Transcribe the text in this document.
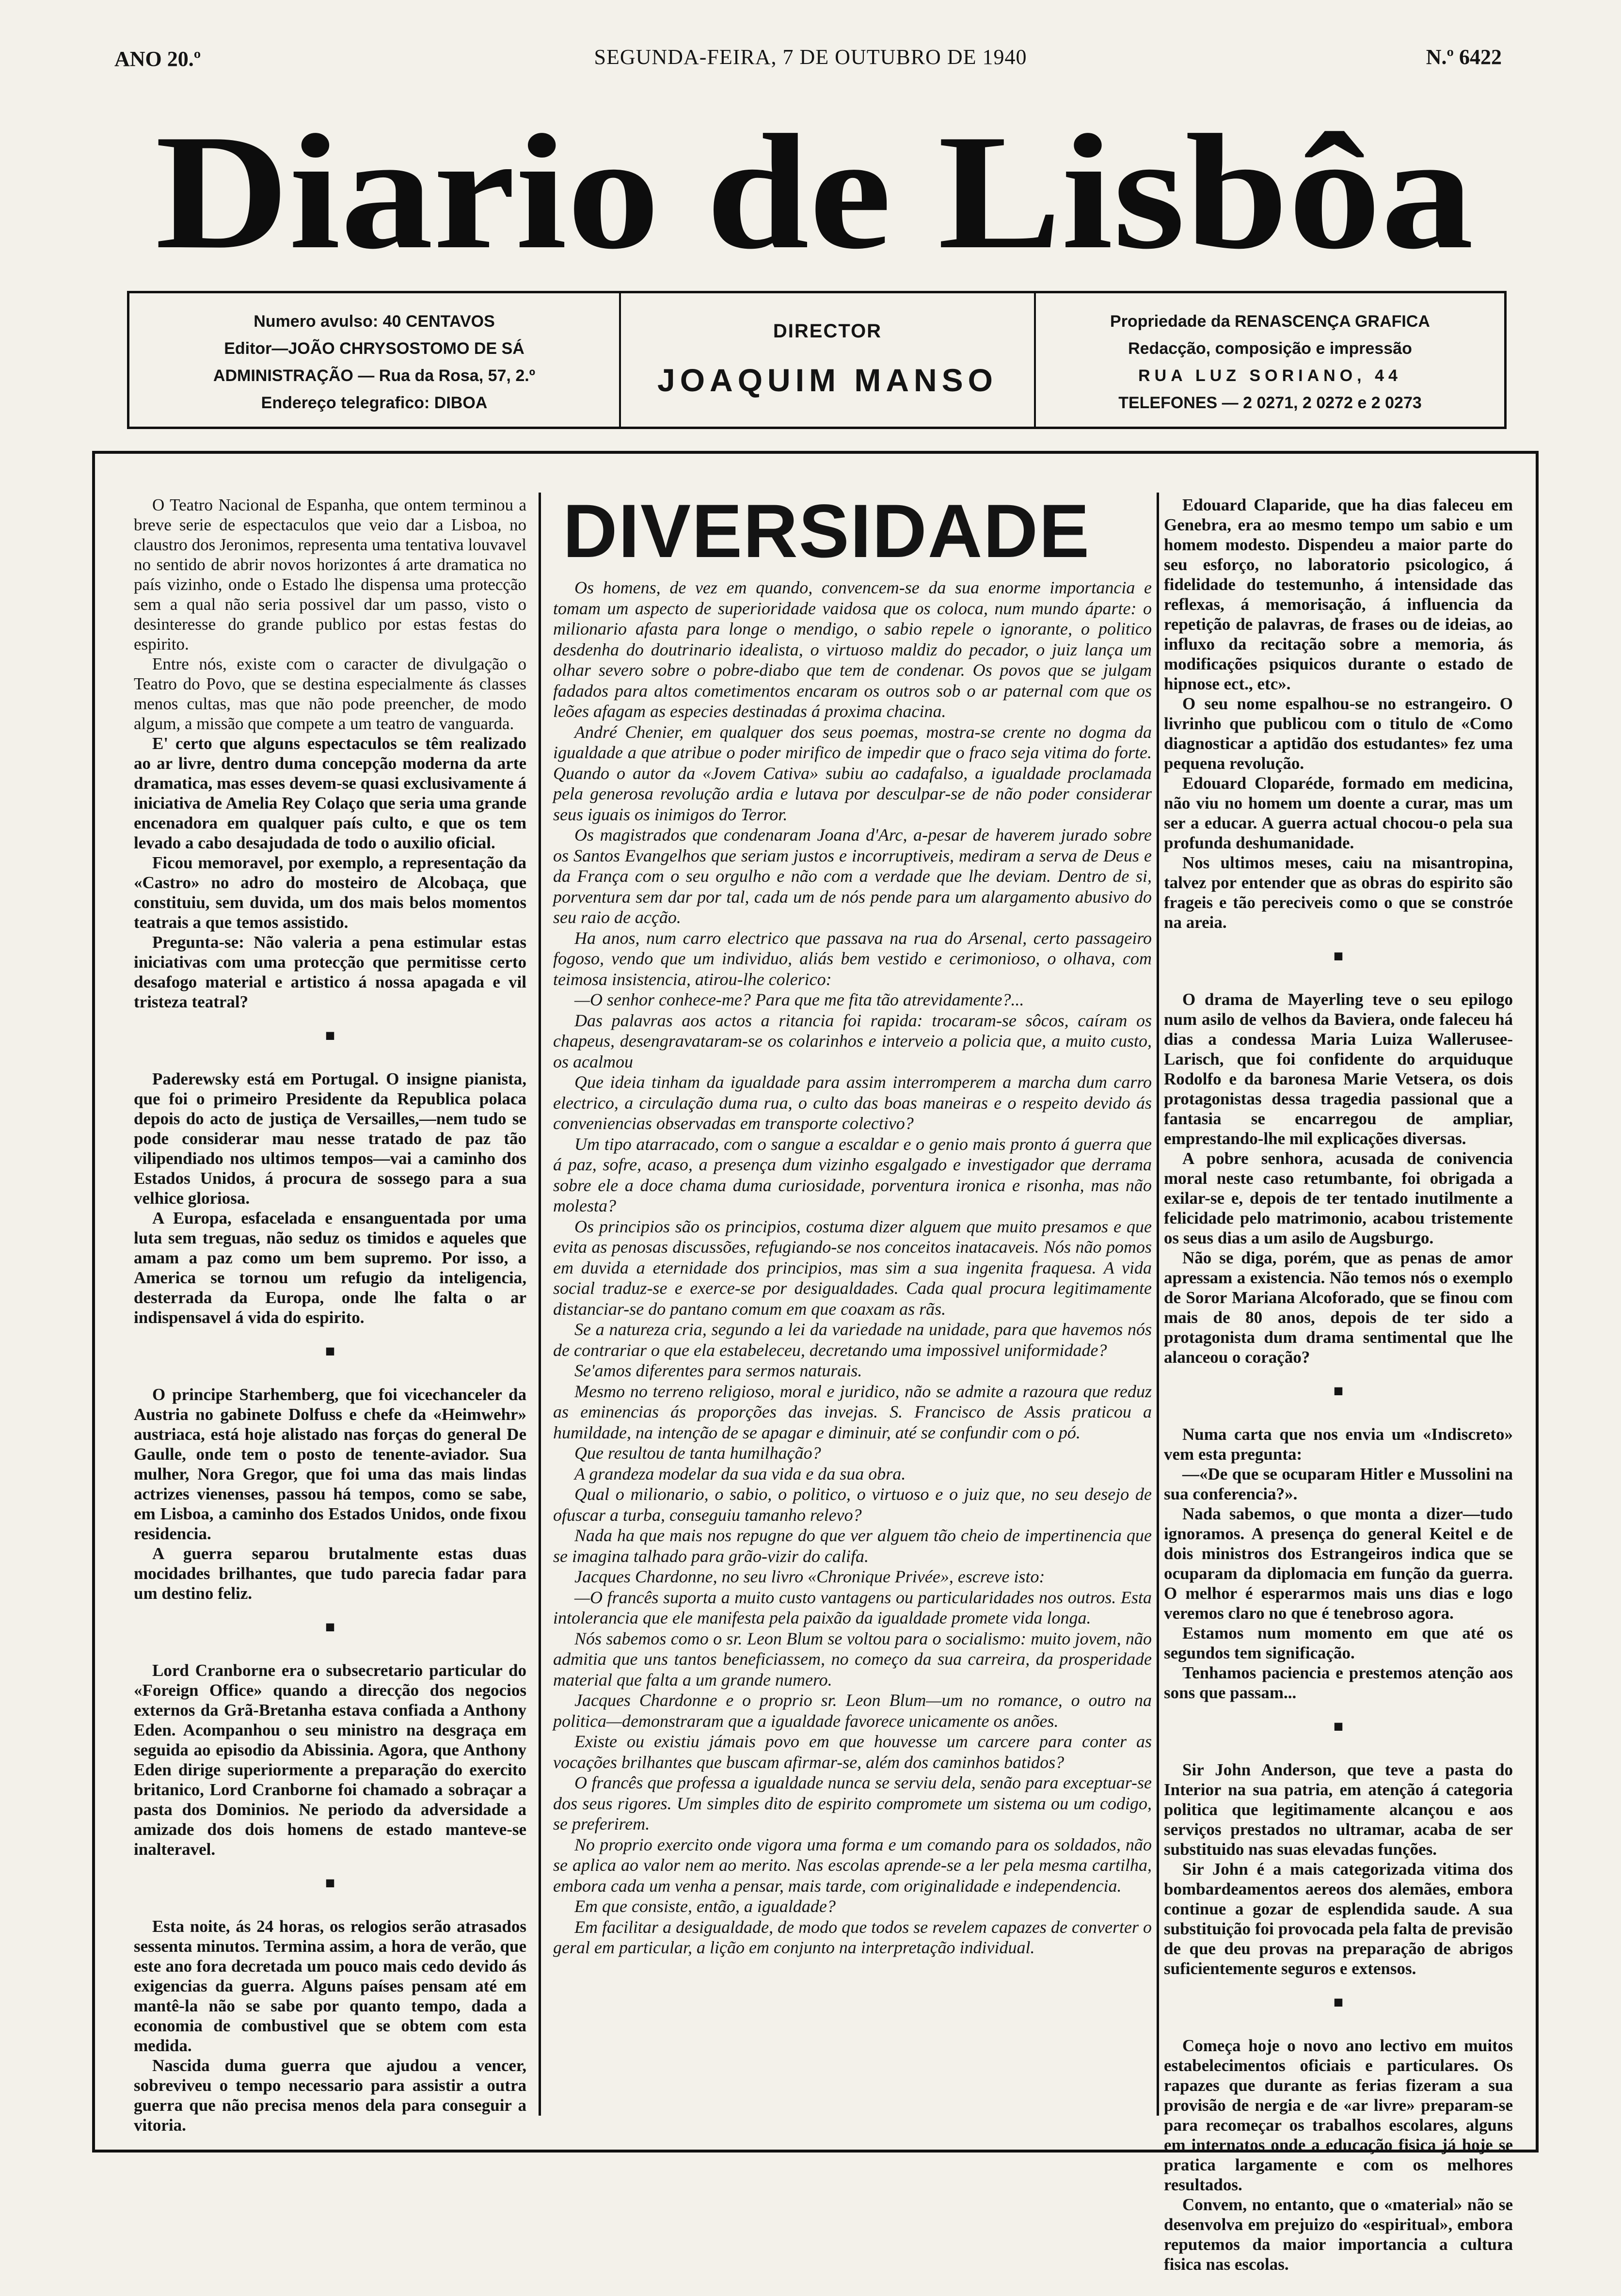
ANO 20.º	SEGUNDA-FEIRA, 7 DE OUTUBRO DE 1940	N.º 6422
Diario de Lisbôa
Numero avulso: 40 CENTAVOS
Editor—JOÃO CHRYSOSTOMO DE SÁ
ADMINISTRAÇÃO — Rua da Rosa, 57, 2.º
Endereço telegrafico: DIBOA
DIRECTOR
JOAQUIM MANSO
Propriedade da RENASCENÇA GRAFICA
Redacção, composição e impressão
RUA LUZ SORIANO, 44
TELEFONES — 2 0271, 2 0272 e 2 0273

O Teatro Nacional de Espanha, que ontem terminou a breve serie de espectaculos que veio dar a Lisboa, no claustro dos Jeronimos, representa uma tentativa louvavel no sentido de abrir novos horizontes á arte dramatica no país vizinho, onde o Estado lhe dispensa uma protecção sem a qual não seria possivel dar um passo, visto o desinteresse do grande publico por estas festas do espirito.

Entre nós, existe com o caracter de divulgação o Teatro do Povo, que se destina especialmente ás classes menos cultas, mas que não pode preencher, de modo algum, a missão que compete a um teatro de vanguarda.

E' certo que alguns espectaculos se têm realizado ao ar livre, dentro duma concepção moderna da arte dramatica, mas esses devem-se quasi exclusivamente á iniciativa de Amelia Rey Colaço que seria uma grande encenadora em qualquer país culto, e que os tem levado a cabo desajudada de todo o auxilio oficial.

Ficou memoravel, por exemplo, a representação da «Castro» no adro do mosteiro de Alcobaça, que constituiu, sem duvida, um dos mais belos momentos teatrais a que temos assistido.

Pregunta-se: Não valeria a pena estimular estas iniciativas com uma protecção que permitisse certo desafogo material e artistico á nossa apagada e vil tristeza teatral?

■

Paderewsky está em Portugal. O insigne pianista, que foi o primeiro Presidente da Republica polaca depois do acto de justiça de Versailles,—nem tudo se pode considerar mau nesse tratado de paz tão vilipendiado nos ultimos tempos—vai a caminho dos Estados Unidos, á procura de sossego para a sua velhice gloriosa.

A Europa, esfacelada e ensanguentada por uma luta sem treguas, não seduz os timidos e aqueles que amam a paz como um bem supremo. Por isso, a America se tornou um refugio da inteligencia, desterrada da Europa, onde lhe falta o ar indispensavel á vida do espirito.

■

O principe Starhemberg, que foi vicechanceler da Austria no gabinete Dolfuss e chefe da «Heimwehr» austriaca, está hoje alistado nas forças do general De Gaulle, onde tem o posto de tenente-aviador. Sua mulher, Nora Gregor, que foi uma das mais lindas actrizes vienenses, passou há tempos, como se sabe, em Lisboa, a caminho dos Estados Unidos, onde fixou residencia.

A guerra separou brutalmente estas duas mocidades brilhantes, que tudo parecia fadar para um destino feliz.

■

Lord Cranborne era o subsecretario particular do «Foreign Office» quando a direcção dos negocios externos da Grã-Bretanha estava confiada a Anthony Eden. Acompanhou o seu ministro na desgraça em seguida ao episodio da Abissinia. Agora, que Anthony Eden dirige superiormente a preparação do exercito britanico, Lord Cranborne foi chamado a sobraçar a pasta dos Dominios. Ne periodo da adversidade a amizade dos dois homens de estado manteve-se inalteravel.

■

Esta noite, ás 24 horas, os relogios serão atrasados sessenta minutos. Termina assim, a hora de verão, que este ano fora decretada um pouco mais cedo devido ás exigencias da guerra. Alguns países pensam até em mantê-la não se sabe por quanto tempo, dada a economia de combustivel que se obtem com esta medida.

Nascida duma guerra que ajudou a vencer, sobreviveu o tempo necessario para assistir a outra guerra que não precisa menos dela para conseguir a vitoria.

DIVERSIDADE

Os homens, de vez em quando, convencem-se da sua enorme importancia e tomam um aspecto de superioridade vaidosa que os coloca, num mundo áparte: o milionario afasta para longe o mendigo, o sabio repele o ignorante, o politico desdenha do doutrinario idealista, o virtuoso maldiz do pecador, o juiz lança um olhar severo sobre o pobre-diabo que tem de condenar. Os povos que se julgam fadados para altos cometimentos encaram os outros sob o ar paternal com que os leões afagam as especies destinadas á proxima chacina.

André Chenier, em qualquer dos seus poemas, mostra-se crente no dogma da igualdade a que atribue o poder mirifico de impedir que o fraco seja vitima do forte. Quando o autor da «Jovem Cativa» subiu ao cadafalso, a igualdade proclamada pela generosa revolução ardia e lutava por desculpar-se de não poder considerar seus iguais os inimigos do Terror.

Os magistrados que condenaram Joana d'Arc, a-pesar de haverem jurado sobre os Santos Evangelhos que seriam justos e incorruptiveis, mediram a serva de Deus e da França com o seu orgulho e não com a verdade que lhe deviam. Dentro de si, porventura sem dar por tal, cada um de nós pende para um alargamento abusivo do seu raio de acção.

Ha anos, num carro electrico que passava na rua do Arsenal, certo passageiro fogoso, vendo que um individuo, aliás bem vestido e cerimonioso, o olhava, com teimosa insistencia, atirou-lhe colerico:

—O senhor conhece-me? Para que me fita tão atrevidamente?...

Das palavras aos actos a ritancia foi rapida: trocaram-se sôcos, caíram os chapeus, desengravataram-se os colarinhos e interveio a policia que, a muito custo, os acalmou

Que ideia tinham da igualdade para assim interromperem a marcha dum carro electrico, a circulação duma rua, o culto das boas maneiras e o respeito devido ás conveniencias observadas em transporte colectivo?

Um tipo atarracado, com o sangue a escaldar e o genio mais pronto á guerra que á paz, sofre, acaso, a presença dum vizinho esgalgado e investigador que derrama sobre ele a doce chama duma curiosidade, porventura ironica e risonha, mas não molesta?

Os principios são os principios, costuma dizer alguem que muito presamos e que evita as penosas discussões, refugiando-se nos conceitos inatacaveis. Nós não pomos em duvida a eternidade dos principios, mas sim a sua ingenita fraquesa. A vida social traduz-se e exerce-se por desigualdades. Cada qual procura legitimamente distanciar-se do pantano comum em que coaxam as rãs.

Se a natureza cria, segundo a lei da variedade na unidade, para que havemos nós de contrariar o que ela estabeleceu, decretando uma impossivel uniformidade?

Se'amos diferentes para sermos naturais.

Mesmo no terreno religioso, moral e juridico, não se admite a razoura que reduz as eminencias ás proporções das invejas. S. Francisco de Assis praticou a humildade, na intenção de se apagar e diminuir, até se confundir com o pó.

Que resultou de tanta humilhação?

A grandeza modelar da sua vida e da sua obra.

Qual o milionario, o sabio, o politico, o virtuoso e o juiz que, no seu desejo de ofuscar a turba, conseguiu tamanho relevo?

Nada ha que mais nos repugne do que ver alguem tão cheio de impertinencia que se imagina talhado para grão-vizir do califa.

Jacques Chardonne, no seu livro «Chronique Privée», escreve isto:

—O francês suporta a muito custo vantagens ou particularidades nos outros. Esta intolerancia que ele manifesta pela paixão da igualdade promete vida longa.

Nós sabemos como o sr. Leon Blum se voltou para o socialismo: muito jovem, não admitia que uns tantos beneficiassem, no começo da sua carreira, da prosperidade material que falta a um grande numero.

Jacques Chardonne e o proprio sr. Leon Blum—um no romance, o outro na politica—demonstraram que a igualdade favorece unicamente os anões.

Existe ou existiu jámais povo em que houvesse um carcere para conter as vocações brilhantes que buscam afirmar-se, além dos caminhos batidos?

O francês que professa a igualdade nunca se serviu dela, senão para exceptuar-se dos seus rigores. Um simples dito de espirito compromete um sistema ou um codigo, se preferirem.

No proprio exercito onde vigora uma forma e um comando para os soldados, não se aplica ao valor nem ao merito. Nas escolas aprende-se a ler pela mesma cartilha, embora cada um venha a pensar, mais tarde, com originalidade e independencia.

Em que consiste, então, a igualdade?

Em facilitar a desigualdade, de modo que todos se revelem capazes de converter o geral em particular, a lição em conjunto na interpretação individual.

Edouard Claparide, que ha dias faleceu em Genebra, era ao mesmo tempo um sabio e um homem modesto. Dispendeu a maior parte do seu esforço, no laboratorio psicologico, á fidelidade do testemunho, á intensidade das reflexas, á memorisação, á influencia da repetição de palavras, de frases ou de ideias, ao influxo da recitação sobre a memoria, ás modificações psiquicos durante o estado de hipnose ect., etc».

O seu nome espalhou-se no estrangeiro. O livrinho que publicou com o titulo de «Como diagnosticar a aptidão dos estudantes» fez uma pequena revolução.

Edouard Cloparéde, formado em medicina, não viu no homem um doente a curar, mas um ser a educar. A guerra actual chocou-o pela sua profunda deshumanidade.

Nos ultimos meses, caiu na misantropina, talvez por entender que as obras do espirito são frageis e tão pereciveis como o que se constróe na areia.

■

O drama de Mayerling teve o seu epilogo num asilo de velhos da Baviera, onde faleceu há dias a condessa Maria Luiza Wallerusee-Larisch, que foi confidente do arquiduque Rodolfo e da baronesa Marie Vetsera, os dois protagonistas dessa tragedia passional que a fantasia se encarregou de ampliar, emprestando-lhe mil explicações diversas.

A pobre senhora, acusada de conivencia moral neste caso retumbante, foi obrigada a exilar-se e, depois de ter tentado inutilmente a felicidade pelo matrimonio, acabou tristemente os seus dias a um asilo de Augsburgo.

Não se diga, porém, que as penas de amor apressam a existencia. Não temos nós o exemplo de Soror Mariana Alcoforado, que se finou com mais de 80 anos, depois de ter sido a protagonista dum drama sentimental que lhe alanceou o coração?

■

Numa carta que nos envia um «Indiscreto» vem esta pregunta:

—«De que se ocuparam Hitler e Mussolini na sua conferencia?».

Nada sabemos, o que monta a dizer—tudo ignoramos. A presença do general Keitel e de dois ministros dos Estrangeiros indica que se ocuparam da diplomacia em função da guerra. O melhor é esperarmos mais uns dias e logo veremos claro no que é tenebroso agora.

Estamos num momento em que até os segundos tem significação.

Tenhamos paciencia e prestemos atenção aos sons que passam...

■

Sir John Anderson, que teve a pasta do Interior na sua patria, em atenção á categoria politica que legitimamente alcançou e aos serviços prestados no ultramar, acaba de ser substituido nas suas elevadas funções.

Sir John é a mais categorizada vitima dos bombardeamentos aereos dos alemães, embora continue a gozar de esplendida saude. A sua substituição foi provocada pela falta de previsão de que deu provas na preparação de abrigos suficientemente seguros e extensos.

■

Começa hoje o novo ano lectivo em muitos estabelecimentos oficiais e particulares. Os rapazes que durante as ferias fizeram a sua provisão de nergia e de «ar livre» preparam-se para recomeçar os trabalhos escolares, alguns em internatos onde a educação fisica já hoje se pratica largamente e com os melhores resultados.

Convem, no entanto, que o «material» não se desenvolva em prejuizo do «espiritual», embora reputemos da maior importancia a cultura fisica nas escolas.
